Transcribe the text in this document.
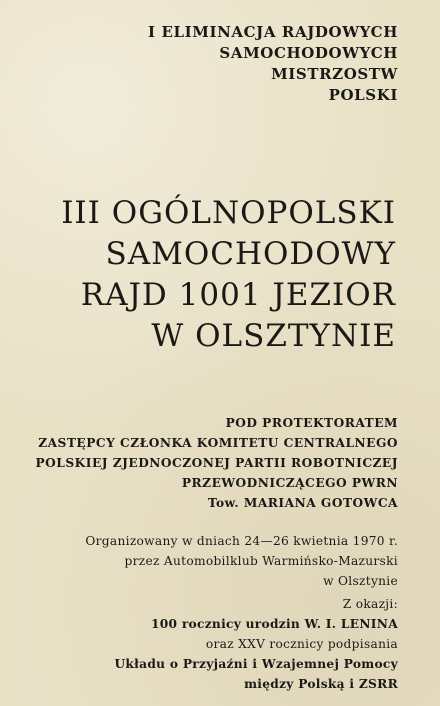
I ELIMINACJA RAJDOWYCH
SAMOCHODOWYCH
MISTRZOSTW
POLSKI
III OGÓLNOPOLSKI
SAMOCHODOWY
RAJD 1001 JEZIOR
W OLSZTYNIE
POD PROTEKTORATEM
ZASTĘPCY CZŁONKA KOMITETU CENTRALNEGO
POLSKIEJ ZJEDNOCZONEJ PARTII ROBOTNICZEJ
PRZEWODNICZĄCEGO PWRN
Tow. MARIANA GOTOWCA
Organizowany w dniach 24—26 kwietnia 1970 r.
przez Automobilklub Warmińsko-Mazurski
w Olsztynie
Z okazji:
100 rocznicy urodzin W. I. LENINA
oraz XXV rocznicy podpisania
Układu o Przyjaźni i Wzajemnej Pomocy
między Polską i ZSRR
